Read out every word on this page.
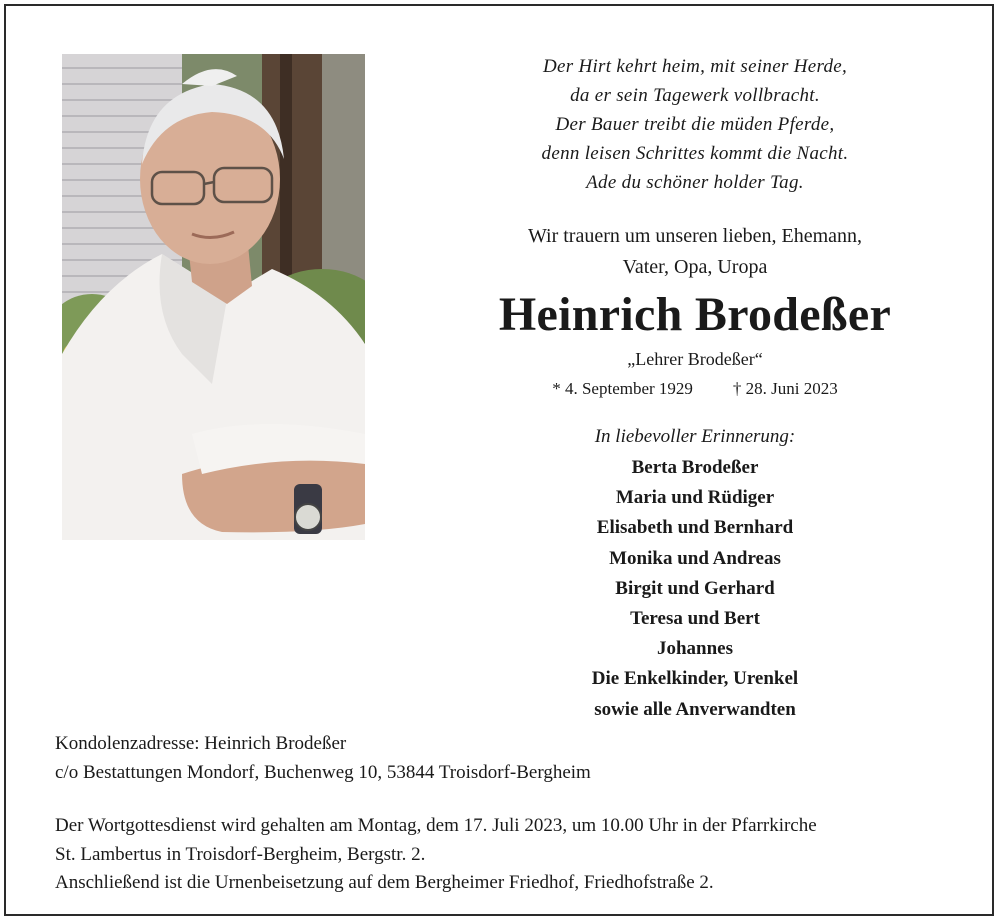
Der Hirt kehrt heim, mit seiner Herde,
da er sein Tagewerk vollbracht.
Der Bauer treibt die müden Pferde,
denn leisen Schrittes kommt die Nacht.
Ade du schöner holder Tag.
Wir trauern um unseren lieben, Ehemann,
Vater, Opa, Uropa
Heinrich Brodeßer
„Lehrer Brodeßer“
* 4. September 1929 † 28. Juni 2023
In liebevoller Erinnerung:
Berta Brodeßer
Maria und Rüdiger
Elisabeth und Bernhard
Monika und Andreas
Birgit und Gerhard
Teresa und Bert
Johannes
Die Enkelkinder, Urenkel
sowie alle Anverwandten
Kondolenzadresse: Heinrich Brodeßer
c/o Bestattungen Mondorf, Buchenweg 10, 53844 Troisdorf-Bergheim
Der Wortgottesdienst wird gehalten am Montag, dem 17. Juli 2023, um 10.00 Uhr in der Pfarrkirche
St. Lambertus in Troisdorf-Bergheim, Bergstr. 2.
Anschließend ist die Urnenbeisetzung auf dem Bergheimer Friedhof, Friedhofstraße 2.
